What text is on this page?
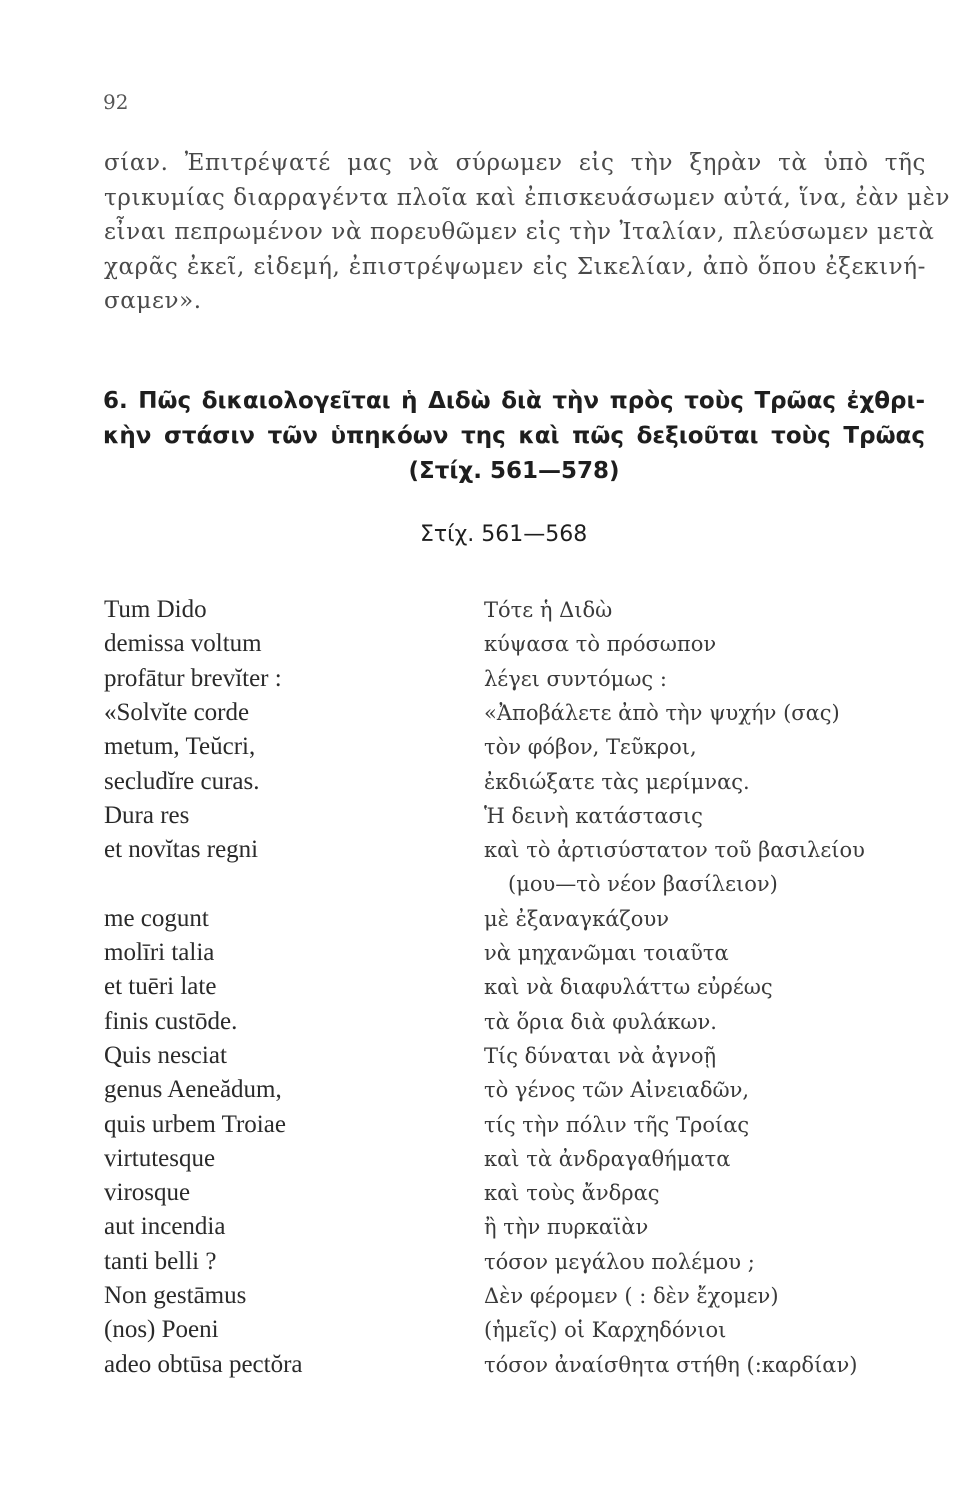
92
σίαν. Ἐπιτρέψατέ μας νὰ σύρωμεν εἰς τὴν ξηρὰν τὰ ὑπὸ τῆς
τρικυμίας διαρραγέντα πλοῖα καὶ ἐπισκευάσωμεν αὐτά, ἵνα, ἐὰν μὲν
εἶναι πεπρωμένον νὰ πορευθῶμεν εἰς τὴν Ἰταλίαν, πλεύσωμεν μετὰ
χαρᾶς ἐκεῖ, εἰδεμή, ἐπιστρέψωμεν εἰς Σικελίαν, ἀπὸ ὅπου ἐξεκινή-
σαμεν».
6. Πῶς δικαιολογεῖται ἡ Διδὼ διὰ τὴν πρὸς τοὺς Τρῶας ἐχθρι-
κὴν στάσιν τῶν ὑπηκόων της καὶ πῶς δεξιοῦται τοὺς Τρῶας
(Στίχ. 561—578)
Στίχ. 561—568
Tum Dido
demissa voltum
profātur brevĭter :
«Solvĭte corde
metum, Teŭcri,
secludĭre curas.
Dura res
et novĭtas regni
me cogunt
molīri talia
et tuēri late
finis custōde.
Quis nesciat
genus Aeneădum,
quis urbem Troiae
virtutesque
virosque
aut incendia
tanti belli ?
Non gestāmus
(nos) Poeni
adeo obtūsa pectŏra
Τότε ἡ Διδὼ
κύψασα τὸ πρόσωπον
λέγει συντόμως :
«Ἀποβάλετε ἀπὸ τὴν ψυχήν (σας)
τὸν φόβον, Τεῦκροι,
ἐκδιώξατε τὰς μερίμνας.
Ἡ δεινὴ κατάστασις
καὶ τὸ ἀρτισύστατον τοῦ βασιλείου
(μου—τὸ νέον βασίλειον)
μὲ ἐξαναγκάζουν
νὰ μηχανῶμαι τοιαῦτα
καὶ νὰ διαφυλάττω εὐρέως
τὰ ὅρια διὰ φυλάκων.
Τίς δύναται νὰ ἀγνοῇ
τὸ γένος τῶν Αἰνειαδῶν,
τίς τὴν πόλιν τῆς Τροίας
καὶ τὰ ἀνδραγαθήματα
καὶ τοὺς ἄνδρας
ἢ τὴν πυρκαϊὰν
τόσον μεγάλου πολέμου ;
Δὲν φέρομεν ( : δὲν ἔχομεν)
(ἡμεῖς) οἱ Καρχηδόνιοι
τόσον ἀναίσθητα στήθη (:καρδίαν)
